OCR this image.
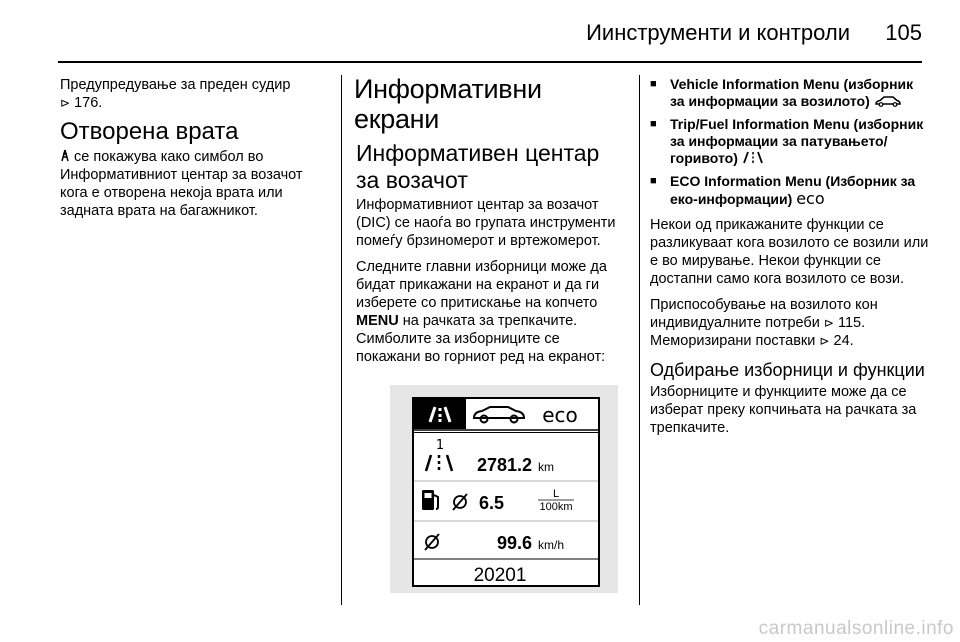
Иинструменти и контроли 105

Предупредување за преден судир
⊳ 176.

Отворена врата

се покажува како симбол во Информативниот центар за возачот кога е отворена некоја врата или задната врата на багажникот.

Информативни екрани
Информативен центар за возачот

Информативниот центар за возачот (DIC) се наоѓа во групата инструменти помеѓу брзиномерот и вртежомерот.

Следните главни изборници може да бидат прикажани на екранот и да ги изберете со притискање на копчето MENU на рачката за трепкачите. Симболите за изборниците се покажани во горниот ред на екранот:

eco
1
2781.2 km
6.5	L
100km
99.6 km/h
20201
■ Vehicle Information Menu (изборник за информации за возилото)
■ Trip/Fuel Information Menu (изборник за информации за патувањето/горивото)
■ ECO Information Menu (Изборник за еко-информации) eco

Некои од прикажаните функции се разликуваат кога возилото се возили или е во мирување. Некои функции се достапни само кога возилото се вози.

Приспособување на возилото кон индивидуалните потреби ⊳ 115.
Меморизирани поставки ⊳ 24.

Одбирање изборници и функции

Изборниците и функциите може да се изберат преку копчињата на рачката за трепкачите.

carmanualsonline.info
